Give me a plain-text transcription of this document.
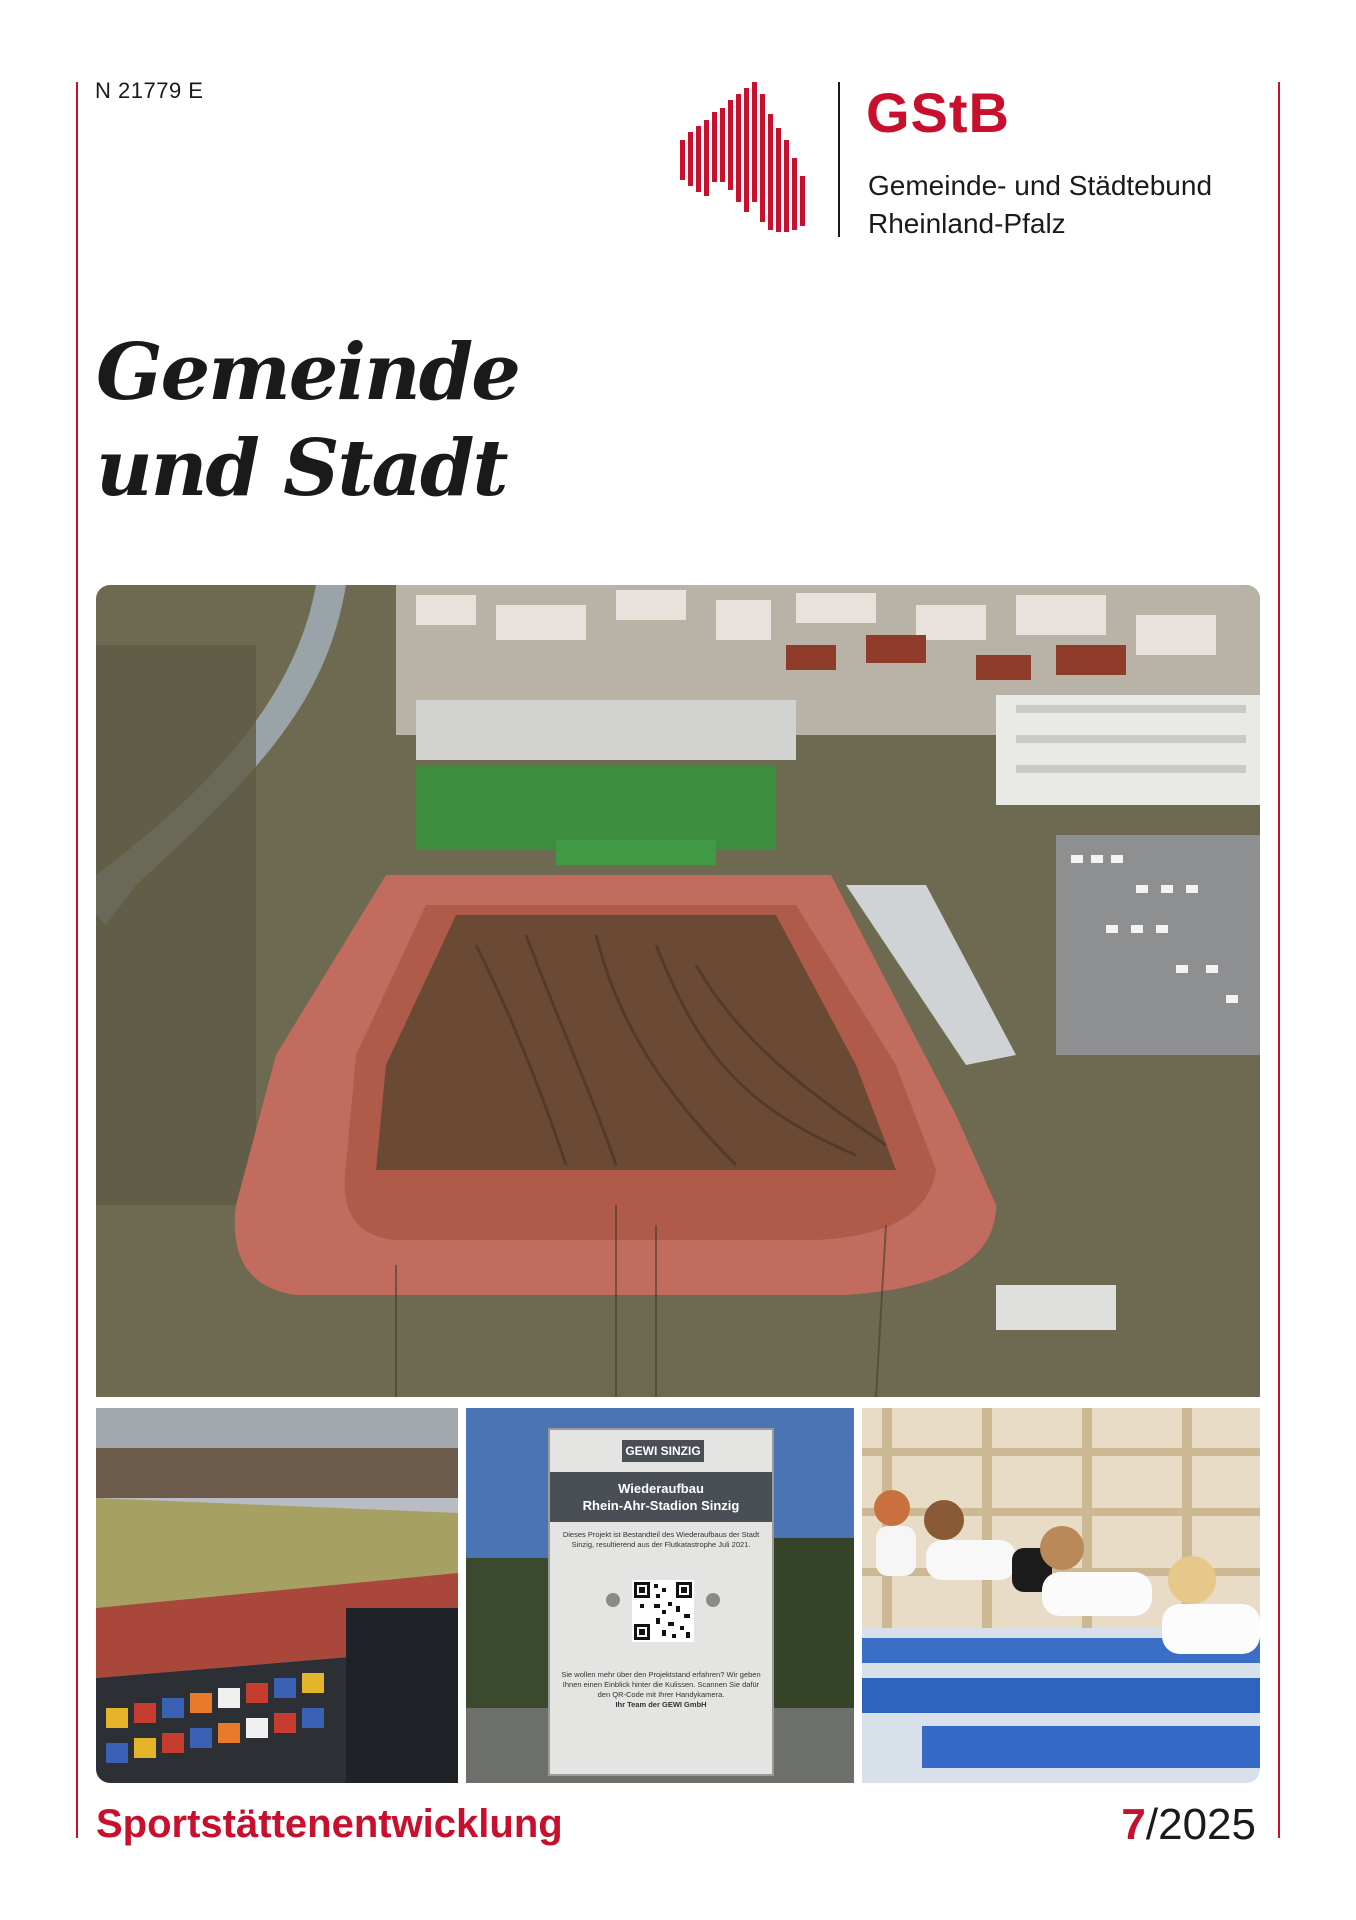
N 21779 E	GStB
Gemeinde- und Städtebund
Rheinland-Pfalz
Gemeinde
und Stadt
GEWI SINZIG
Wiederaufbau
Rhein-Ahr-Stadion Sinzig
Dieses Projekt ist Bestandteil des Wiederaufbaus der Stadt Sinzig, resultierend aus der Flutkatastrophe Juli 2021.
Sie wollen mehr über den Projektstand erfahren? Wir geben Ihnen einen Einblick hinter die Kulissen. Scannen Sie dafür den QR-Code mit Ihrer Handykamera.
Ihr Team der GEWI GmbH
Sportstättenentwicklung	7/2025
